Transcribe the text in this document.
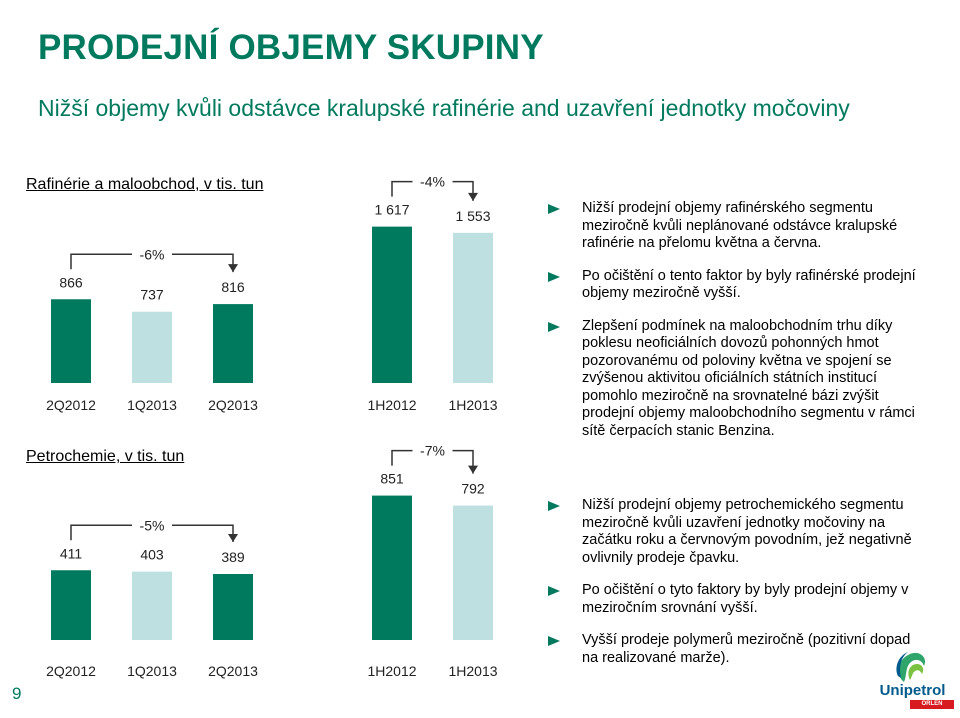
PRODEJNÍ OBJEMY SKUPINY
Nižší objemy kvůli odstávce kralupské rafinérie and uzavření jednotky močoviny
Rafinérie a maloobchod, v tis. tun
Petrochemie, v tis. tun
866
2Q2012
737
1Q2013
816
2Q2013
1 617
1H2012
1 553
1H2013
-6%
-4%
411
2Q2012
403
1Q2013
389
2Q2013
851
1H2012
792
1H2013
-5%
-7%
Nižší prodejní objemy rafinérského segmentu meziročně kvůli neplánované odstávce kralupské rafinérie na přelomu května a června.
Po očištění o tento faktor by byly rafinérské prodejní objemy meziročně vyšší.
Zlepšení podmínek na maloobchodním trhu díky poklesu neoficiálních dovozů pohonných hmot pozorovanému od poloviny května ve spojení se zvýšenou aktivitou oficiálních státních institucí pomohlo meziročně na srovnatelné bázi zvýšit prodejní objemy maloobchodního segmentu v rámci sítě čerpacích stanic Benzina.
Nižší prodejní objemy petrochemického segmentu meziročně kvůli uzavření jednotky močoviny na začátku roku a červnovým povodním, jež negativně ovlivnily prodeje čpavku.
Po očištění o tyto faktory by byly prodejní objemy v meziročním srovnání vyšší.
Vyšší prodeje polymerů meziročně (pozitivní dopad na realizované marže).
9	Unipetrol
ORLEN GROUP
